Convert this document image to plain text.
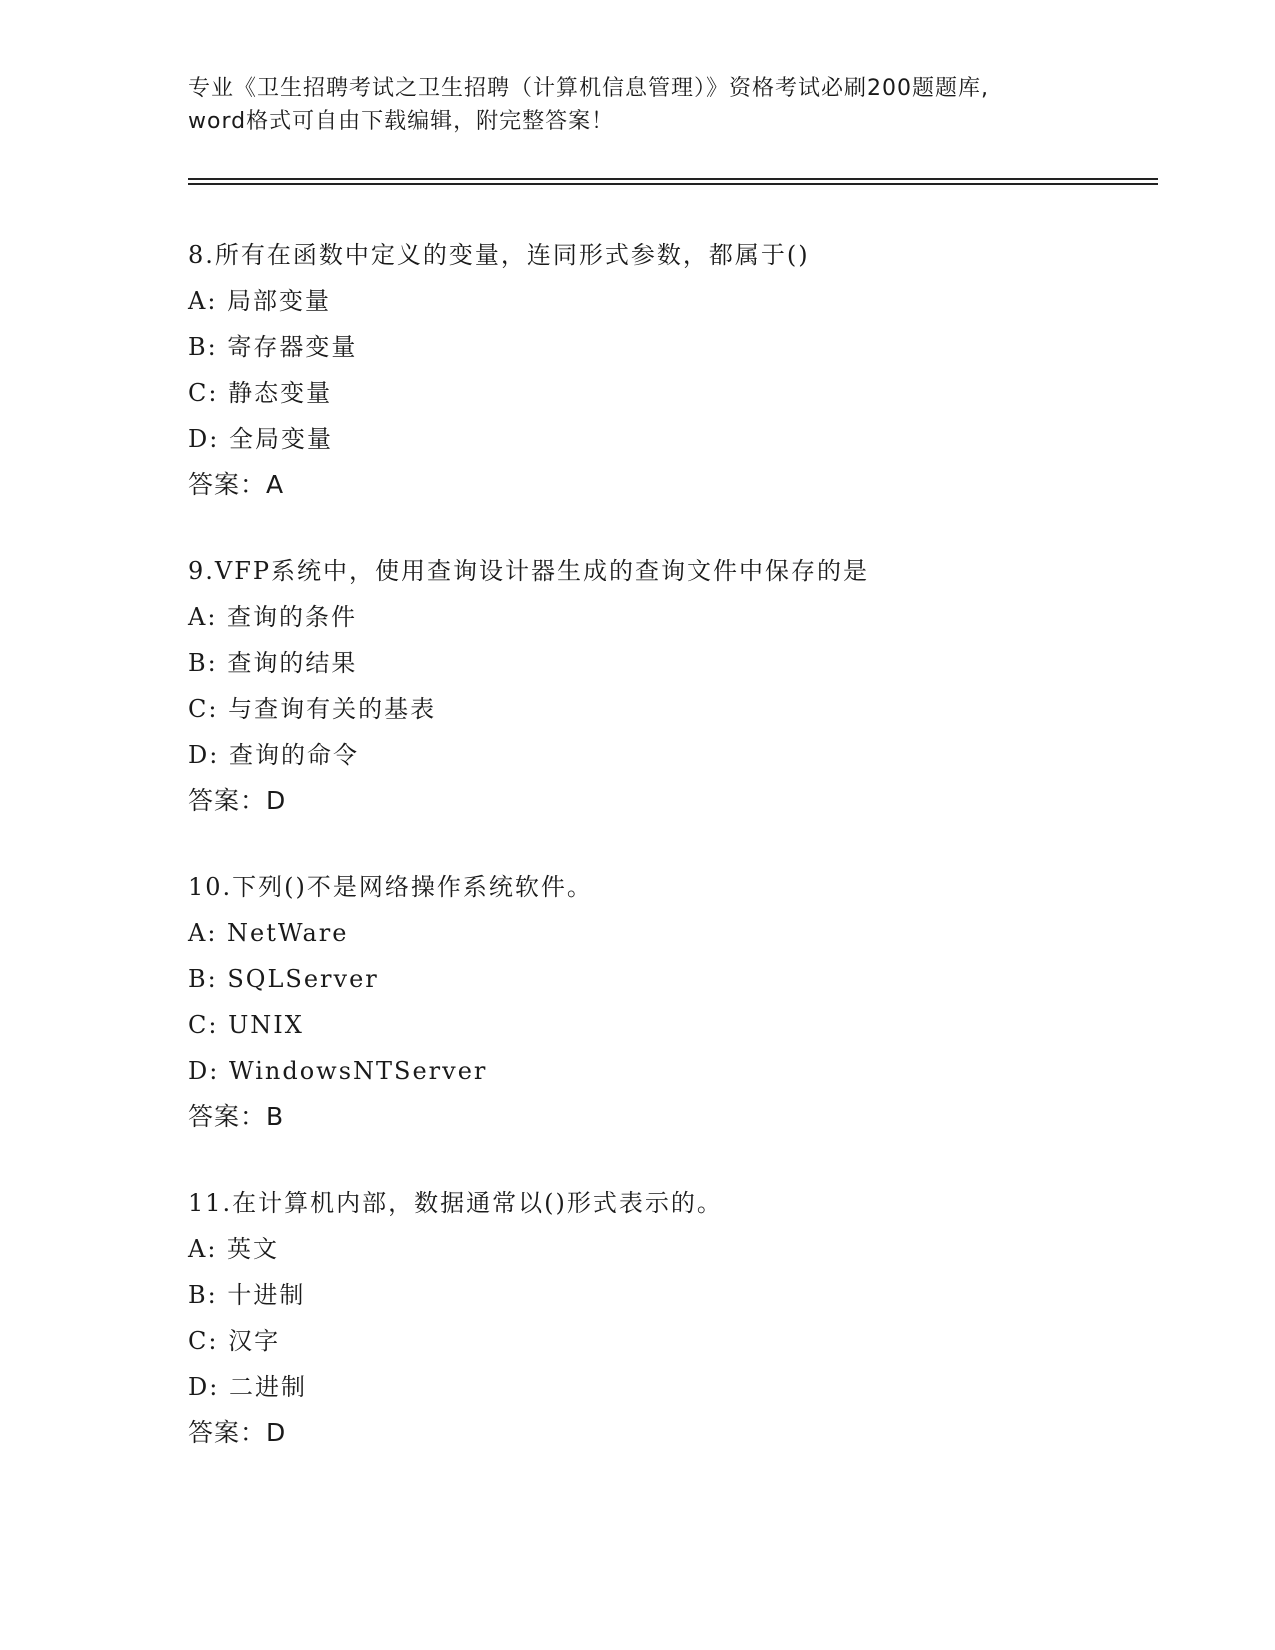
专业《卫生招聘考试之卫生招聘（计算机信息管理）》资格考试必刷200题题库,
word格式可自由下载编辑，附完整答案！
8.所有在函数中定义的变量，连同形式参数，都属于()
A: 局部变量
B: 寄存器变量
C: 静态变量
D: 全局变量
答案：A
9.VFP系统中，使用查询设计器生成的查询文件中保存的是
A: 查询的条件
B: 查询的结果
C: 与查询有关的基表
D: 查询的命令
答案：D
10.下列()不是网络操作系统软件。
A: NetWare
B: SQLServer
C: UNIX
D: WindowsNTServer
答案：B
11.在计算机内部，数据通常以()形式表示的。
A: 英文
B: 十进制
C: 汉字
D: 二进制
答案：D
